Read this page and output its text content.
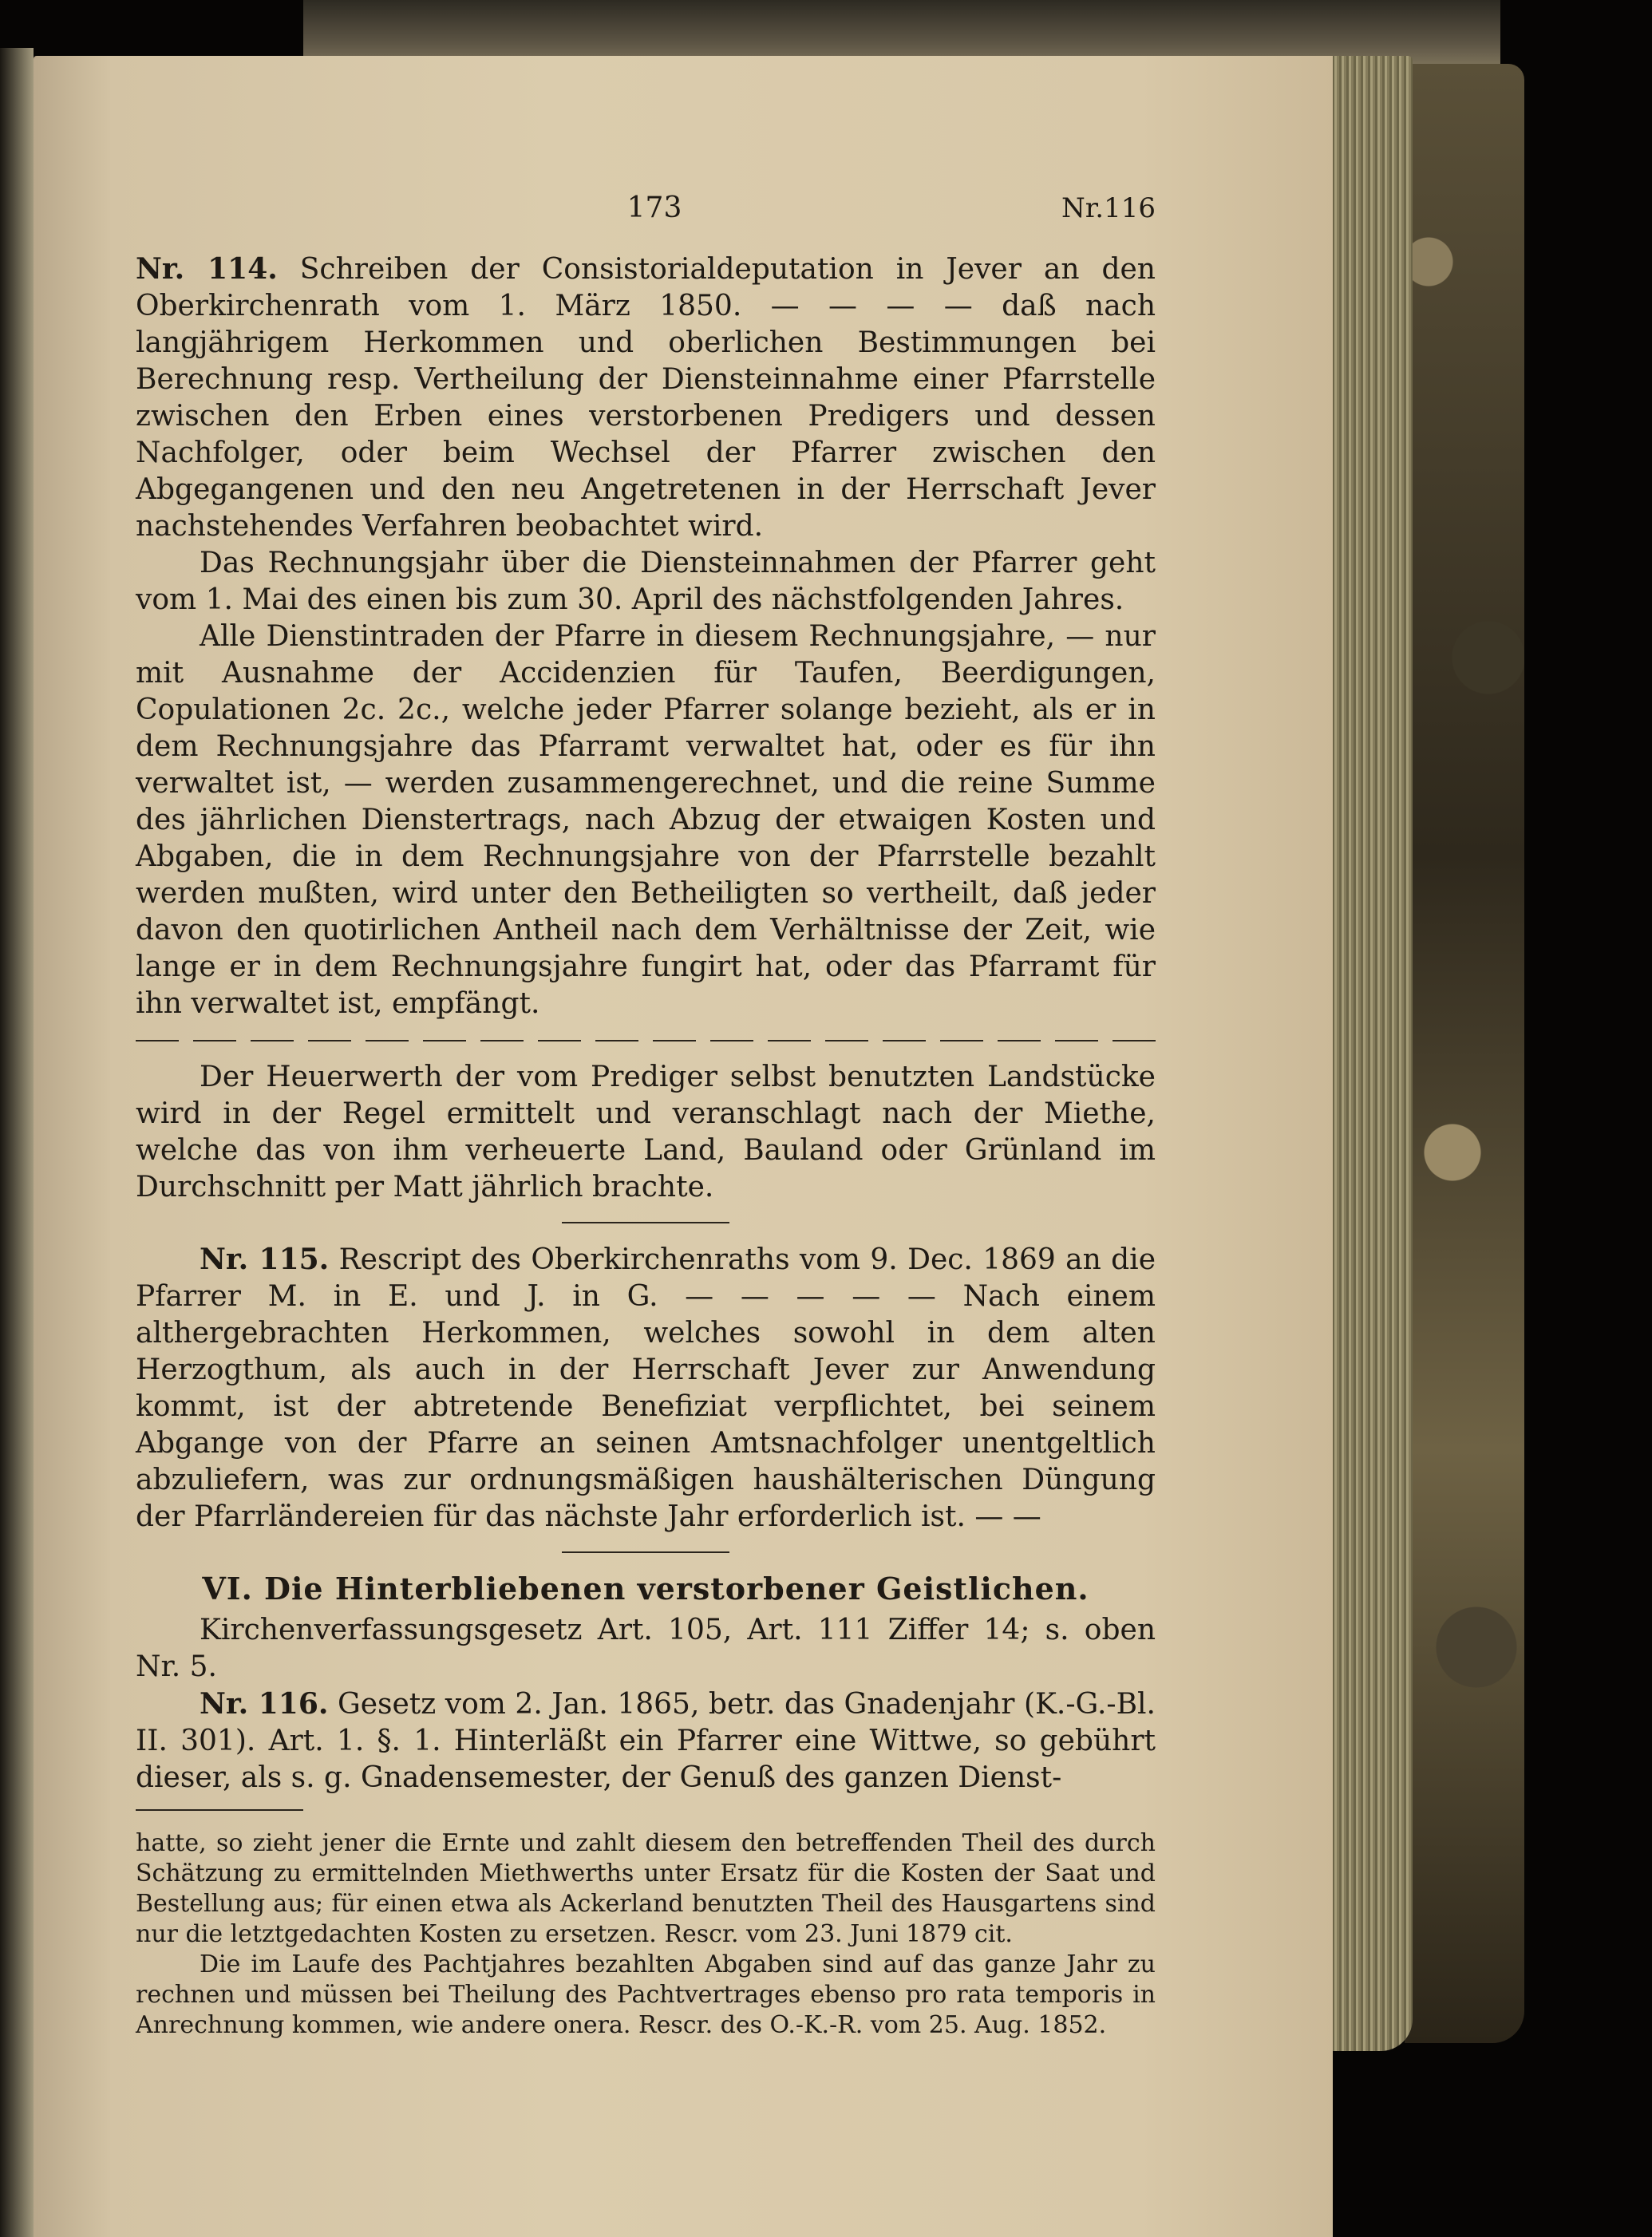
173	Nr.116

Nr. 114. Schreiben der Consistorialdeputation in Jever an den Oberkirchenrath vom 1. März 1850. — — — — daß nach langjährigem Herkommen und oberlichen Bestimmungen bei Berechnung resp. Vertheilung der Diensteinnahme einer Pfarrstelle zwischen den Erben eines verstorbenen Predigers und dessen Nachfolger, oder beim Wechsel der Pfarrer zwischen den Abgegangenen und den neu Angetretenen in der Herrschaft Jever nachstehendes Verfahren beobachtet wird.

Das Rechnungsjahr über die Diensteinnahmen der Pfarrer geht vom 1. Mai des einen bis zum 30. April des nächstfolgenden Jahres.

Alle Dienstintraden der Pfarre in diesem Rechnungsjahre, — nur mit Ausnahme der Accidenzien für Taufen, Beerdigungen, Copulationen 2c. 2c., welche jeder Pfarrer solange bezieht, als er in dem Rechnungsjahre das Pfarramt verwaltet hat, oder es für ihn verwaltet ist, — werden zusammengerechnet, und die reine Summe des jährlichen Dienstertrags, nach Abzug der etwaigen Kosten und Abgaben, die in dem Rechnungsjahre von der Pfarrstelle bezahlt werden mußten, wird unter den Betheiligten so vertheilt, daß jeder davon den quotirlichen Antheil nach dem Verhältnisse der Zeit, wie lange er in dem Rechnungsjahre fungirt hat, oder das Pfarramt für ihn verwaltet ist, empfängt.

Der Heuerwerth der vom Prediger selbst benutzten Landstücke wird in der Regel ermittelt und veranschlagt nach der Miethe, welche das von ihm verheuerte Land, Bauland oder Grünland im Durchschnitt per Matt jährlich brachte.

Nr. 115. Rescript des Oberkirchenraths vom 9. Dec. 1869 an die Pfarrer M. in E. und J. in G. — — — — — Nach einem althergebrachten Herkommen, welches sowohl in dem alten Herzogthum, als auch in der Herrschaft Jever zur Anwendung kommt, ist der abtretende Benefiziat verpflichtet, bei seinem Abgange von der Pfarre an seinen Amtsnachfolger unentgeltlich abzuliefern, was zur ordnungsmäßigen haushälterischen Düngung der Pfarrländereien für das nächste Jahr erforderlich ist. — —

VI. Die Hinterbliebenen verstorbener Geistlichen.

Kirchenverfassungsgesetz Art. 105, Art. 111 Ziffer 14; s. oben Nr. 5.

Nr. 116. Gesetz vom 2. Jan. 1865, betr. das Gnadenjahr (K.-G.-Bl. II. 301). Art. 1. §. 1. Hinterläßt ein Pfarrer eine Wittwe, so gebührt dieser, als s. g. Gnadensemester, der Genuß des ganzen Dienst-

hatte, so zieht jener die Ernte und zahlt diesem den betreffenden Theil des durch Schätzung zu ermittelnden Miethwerths unter Ersatz für die Kosten der Saat und Bestellung aus; für einen etwa als Ackerland benutzten Theil des Hausgartens sind nur die letztgedachten Kosten zu ersetzen. Rescr. vom 23. Juni 1879 cit.

Die im Laufe des Pachtjahres bezahlten Abgaben sind auf das ganze Jahr zu rechnen und müssen bei Theilung des Pachtvertrages ebenso pro rata temporis in Anrechnung kommen, wie andere onera. Rescr. des O.-K.-R. vom 25. Aug. 1852.
